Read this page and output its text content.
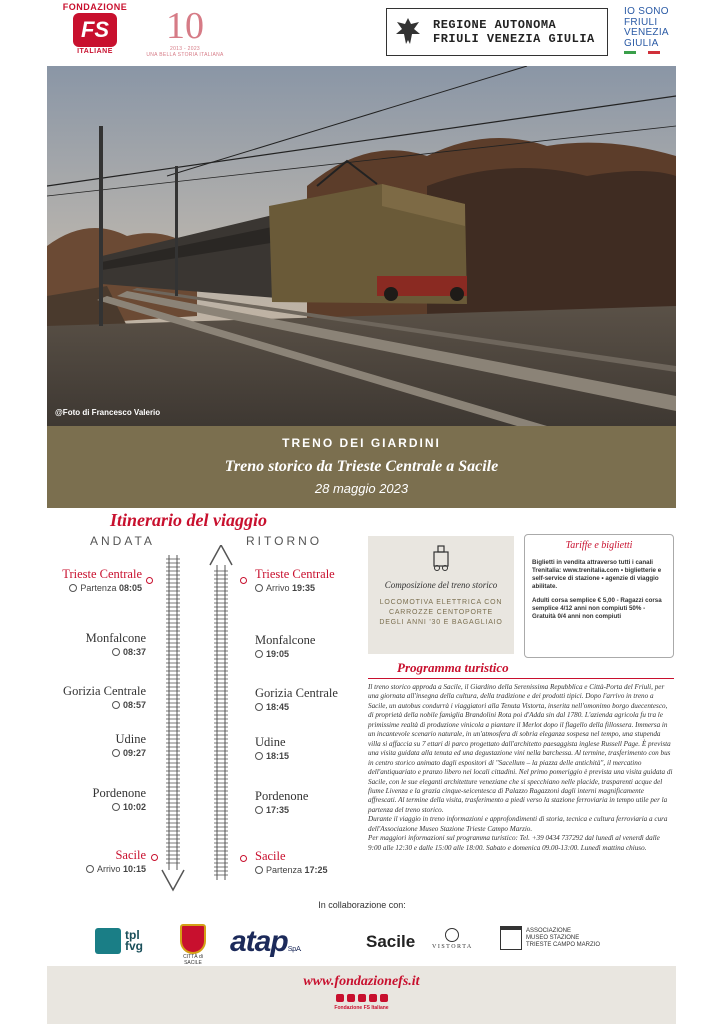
FONDAZIONE
FS
ITALIANE
10
2013 - 2023
UNA BELLA STORIA ITALIANA
REGIONE AUTONOMA
FRIULI VENEZIA GIULIA
IO SONO
FRIULI
VENEZIA
GIULIA
@Foto di Francesco Valerio
TRENO DEI GIARDINI
Treno storico da Trieste Centrale a Sacile
28 maggio 2023
Itinerario del viaggio
ANDATA	RITORNO
Trieste Centrale
Partenza 08:05
Monfalcone
08:37
Gorizia Centrale
08:57
Udine
09:27
Pordenone
10:02
Sacile
Arrivo 10:15
Trieste Centrale
Arrivo 19:35
Monfalcone
19:05
Gorizia Centrale
18:45
Udine
18:15
Pordenone
17:35
Sacile
Partenza 17:25
Composizione del treno storico
LOCOMOTIVA ELETTRICA CON CARROZZE CENTOPORTE DEGLI ANNI '30 E BAGAGLIAIO
Tariffe e biglietti

Biglietti in vendita attraverso tutti i canali Trenitalia: www.trenitalia.com • biglietterie e self-service di stazione • agenzie di viaggio abilitate.

Adulti corsa semplice € 5,00 - Ragazzi corsa semplice 4/12 anni non compiuti 50% - Gratuità 0/4 anni non compiuti

Programma turistico

Il treno storico approda a Sacile, il Giardino della Serenissima Repubblica e Città-Porta del Friuli, per una giornata all'insegna della cultura, della tradizione e dei prodotti tipici. Dopo l'arrivo in treno a Sacile, un autobus condurrà i viaggiatori alla Tenuta Vistorta, inserita nell'omonimo borgo duecentesco, di proprietà della nobile famiglia Brandolini Rota poi d'Adda sin dal 1780. L'azienda agricola fu tra le primissime realtà di produzione vinicola a piantare il Merlot dopo il flagello della fillossera. Immersa in un incantevole scenario naturale, in un'atmosfera di sobria eleganza sospesa nel tempo, una stupenda villa si affaccia su 7 ettari di parco progettato dall'architetto paesaggista inglese Russell Page. È prevista una visita guidata alla tenuta ed una degustazione vini nella barchessa. Al termine, trasferimento con bus in centro storico animato dagli espositori di "Sacellum – la piazza delle antichità", il mercatino dell'antiquariato e pranzo libero nei locali cittadini. Nel primo pomeriggio è prevista una visita guidata di Sacile, con le sue eleganti architetture veneziane che si specchiano nelle placide, trasparenti acque del fiume Livenza e la grazia cinque-seicentesca di Palazzo Ragazzoni dagli interni magnificamente affrescati. Al termine della visita, trasferimento a piedi verso la stazione ferroviaria in tempo utile per la partenza del treno storico.

Durante il viaggio in treno informazioni e approfondimenti di storia, tecnica e cultura ferroviaria a cura dell'Associazione Museo Stazione Trieste Campo Marzio.

Per maggiori informazioni sul programma turistico: Tel. +39 0434 737292 dal lunedì al venerdì dalle 9:00 alle 12:30 e dalle 15:00 alle 18:00. Sabato e domenica 09.00-13:00. Lunedì mattina chiuso.

In collaborazione con:
tpl
fvg
CITTÀ di SACILE
atapS.p.A.	Sacile	VISTORTA
ASSOCIAZIONE
MUSEO STAZIONE
TRIESTE CAMPO MARZIO
www.fondazionefs.it
Fondazione FS Italiane
